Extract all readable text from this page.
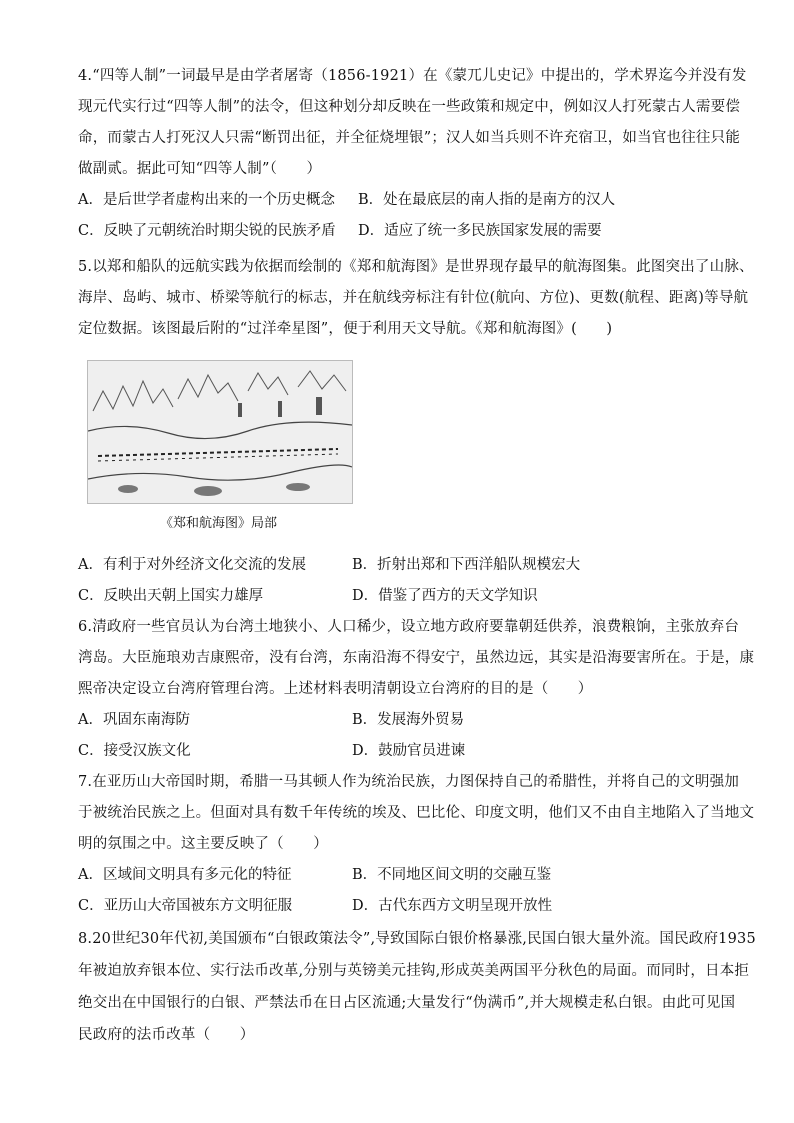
4.“四等人制”一词最早是由学者屠寄（1856-1921）在《蒙兀儿史记》中提出的，学术界迄今并没有发
现元代实行过“四等人制”的法令，但这种划分却反映在一些政策和规定中，例如汉人打死蒙古人需要偿
命，而蒙古人打死汉人只需“断罚出征，并全征烧埋银”；汉人如当兵则不许充宿卫，如当官也往往只能
做副贰。据此可知“四等人制”（　　）
A．是后世学者虚构出来的一个历史概念 B．处在最底层的南人指的是南方的汉人
C．反映了元朝统治时期尖锐的民族矛盾 D．适应了统一多民族国家发展的需要
5.以郑和船队的远航实践为依据而绘制的《郑和航海图》是世界现存最早的航海图集。此图突出了山脉、
海岸、岛屿、城市、桥梁等航行的标志，并在航线旁标注有针位(航向、方位)、更数(航程、距离)等导航
定位数据。该图最后附的“过洋牵星图”，便于利用天文导航。《郑和航海图》(　　)
《郑和航海图》局部
A．有利于对外经济文化交流的发展	B．折射出郑和下西洋船队规模宏大
C．反映出天朝上国实力雄厚	D．借鉴了西方的天文学知识
6.清政府一些官员认为台湾土地狭小、人口稀少，设立地方政府要靠朝廷供养，浪费粮饷，主张放弃台
湾岛。大臣施琅劝吉康熙帝，没有台湾，东南沿海不得安宁，虽然边远，其实是沿海要害所在。于是，康
熙帝决定设立台湾府管理台湾。上述材料表明清朝设立台湾府的目的是（　　）
A．巩固东南海防	B．发展海外贸易
C．接受汉族文化	D．鼓励官员进谏
7.在亚历山大帝国时期，希腊一马其顿人作为统治民族，力图保持自己的希腊性，并将自己的文明强加
于被统治民族之上。但面对具有数千年传统的埃及、巴比伦、印度文明，他们又不由自主地陷入了当地文
明的氛围之中。这主要反映了（　　）
A．区域间文明具有多元化的特征	B．不同地区间文明的交融互鉴
C．亚历山大帝国被东方文明征服	D．古代东西方文明呈现开放性
8.20世纪30年代初,美国颁布“白银政策法令”,导致国际白银价格暴涨,民国白银大量外流。国民政府1935
年被迫放弃银本位、实行法币改革,分别与英镑美元挂钩,形成英美两国平分秋色的局面。而同时，日本拒
绝交出在中国银行的白银、严禁法币在日占区流通;大量发行“伪满币”,并大规模走私白银。由此可见国
民政府的法币改革（　　）
